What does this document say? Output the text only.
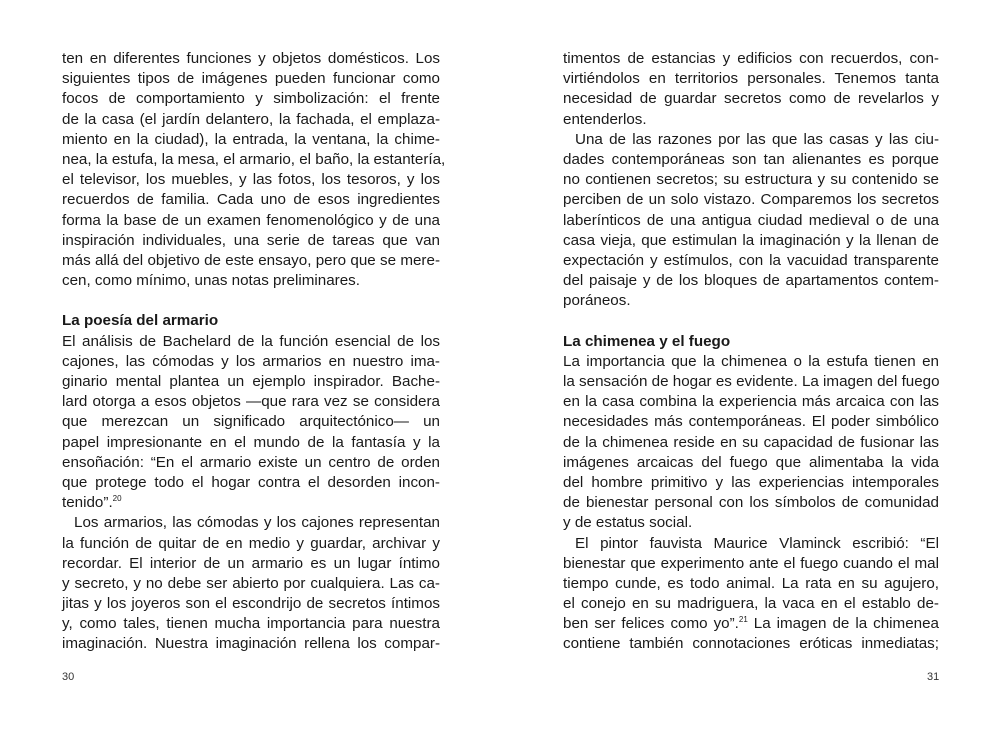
ten en diferentes funciones y objetos domésticos. Los
siguientes tipos de imágenes pueden funcionar como
focos de comportamiento y simbolización: el frente
de la casa (el jardín delantero, la fachada, el emplaza-
miento en la ciudad), la entrada, la ventana, la chime-
nea, la estufa, la mesa, el armario, el baño, la estantería,
el televisor, los muebles, y las fotos, los tesoros, y los
recuerdos de familia. Cada uno de esos ingredientes
forma la base de un examen fenomenológico y de una
inspiración individuales, una serie de tareas que van
más allá del objetivo de este ensayo, pero que se mere-
cen, como mínimo, unas notas preliminares.
La poesía del armario
El análisis de Bachelard de la función esencial de los
cajones, las cómodas y los armarios en nuestro ima-
ginario mental plantea un ejemplo inspirador. Bache-
lard otorga a esos objetos —que rara vez se considera
que merezcan un significado arquitectónico— un
papel impresionante en el mundo de la fantasía y la
ensoñación: “En el armario existe un centro de orden
que protege todo el hogar contra el desorden incon-
tenido”.$^{20}$
Los armarios, las cómodas y los cajones representan
la función de quitar de en medio y guardar, archivar y
recordar. El interior de un armario es un lugar íntimo
y secreto, y no debe ser abierto por cualquiera. Las ca-
jitas y los joyeros son el escondrijo de secretos íntimos
y, como tales, tienen mucha importancia para nuestra
imaginación. Nuestra imaginación rellena los compar-
30
timentos de estancias y edificios con recuerdos, con-
virtiéndolos en territorios personales. Tenemos tanta
necesidad de guardar secretos como de revelarlos y
entenderlos.
Una de las razones por las que las casas y las ciu-
dades contemporáneas son tan alienantes es porque
no contienen secretos; su estructura y su contenido se
perciben de un solo vistazo. Comparemos los secretos
laberínticos de una antigua ciudad medieval o de una
casa vieja, que estimulan la imaginación y la llenan de
expectación y estímulos, con la vacuidad transparente
del paisaje y de los bloques de apartamentos contem-
poráneos.
La chimenea y el fuego
La importancia que la chimenea o la estufa tienen en
la sensación de hogar es evidente. La imagen del fuego
en la casa combina la experiencia más arcaica con las
necesidades más contemporáneas. El poder simbólico
de la chimenea reside en su capacidad de fusionar las
imágenes arcaicas del fuego que alimentaba la vida
del hombre primitivo y las experiencias intemporales
de bienestar personal con los símbolos de comunidad
y de estatus social.
El pintor fauvista Maurice Vlaminck escribió: “El
bienestar que experimento ante el fuego cuando el mal
tiempo cunde, es todo animal. La rata en su agujero,
el conejo en su madriguera, la vaca en el establo de-
ben ser felices como yo”.$^{21}$ La imagen de la chimenea
contiene también connotaciones eróticas inmediatas;
31
